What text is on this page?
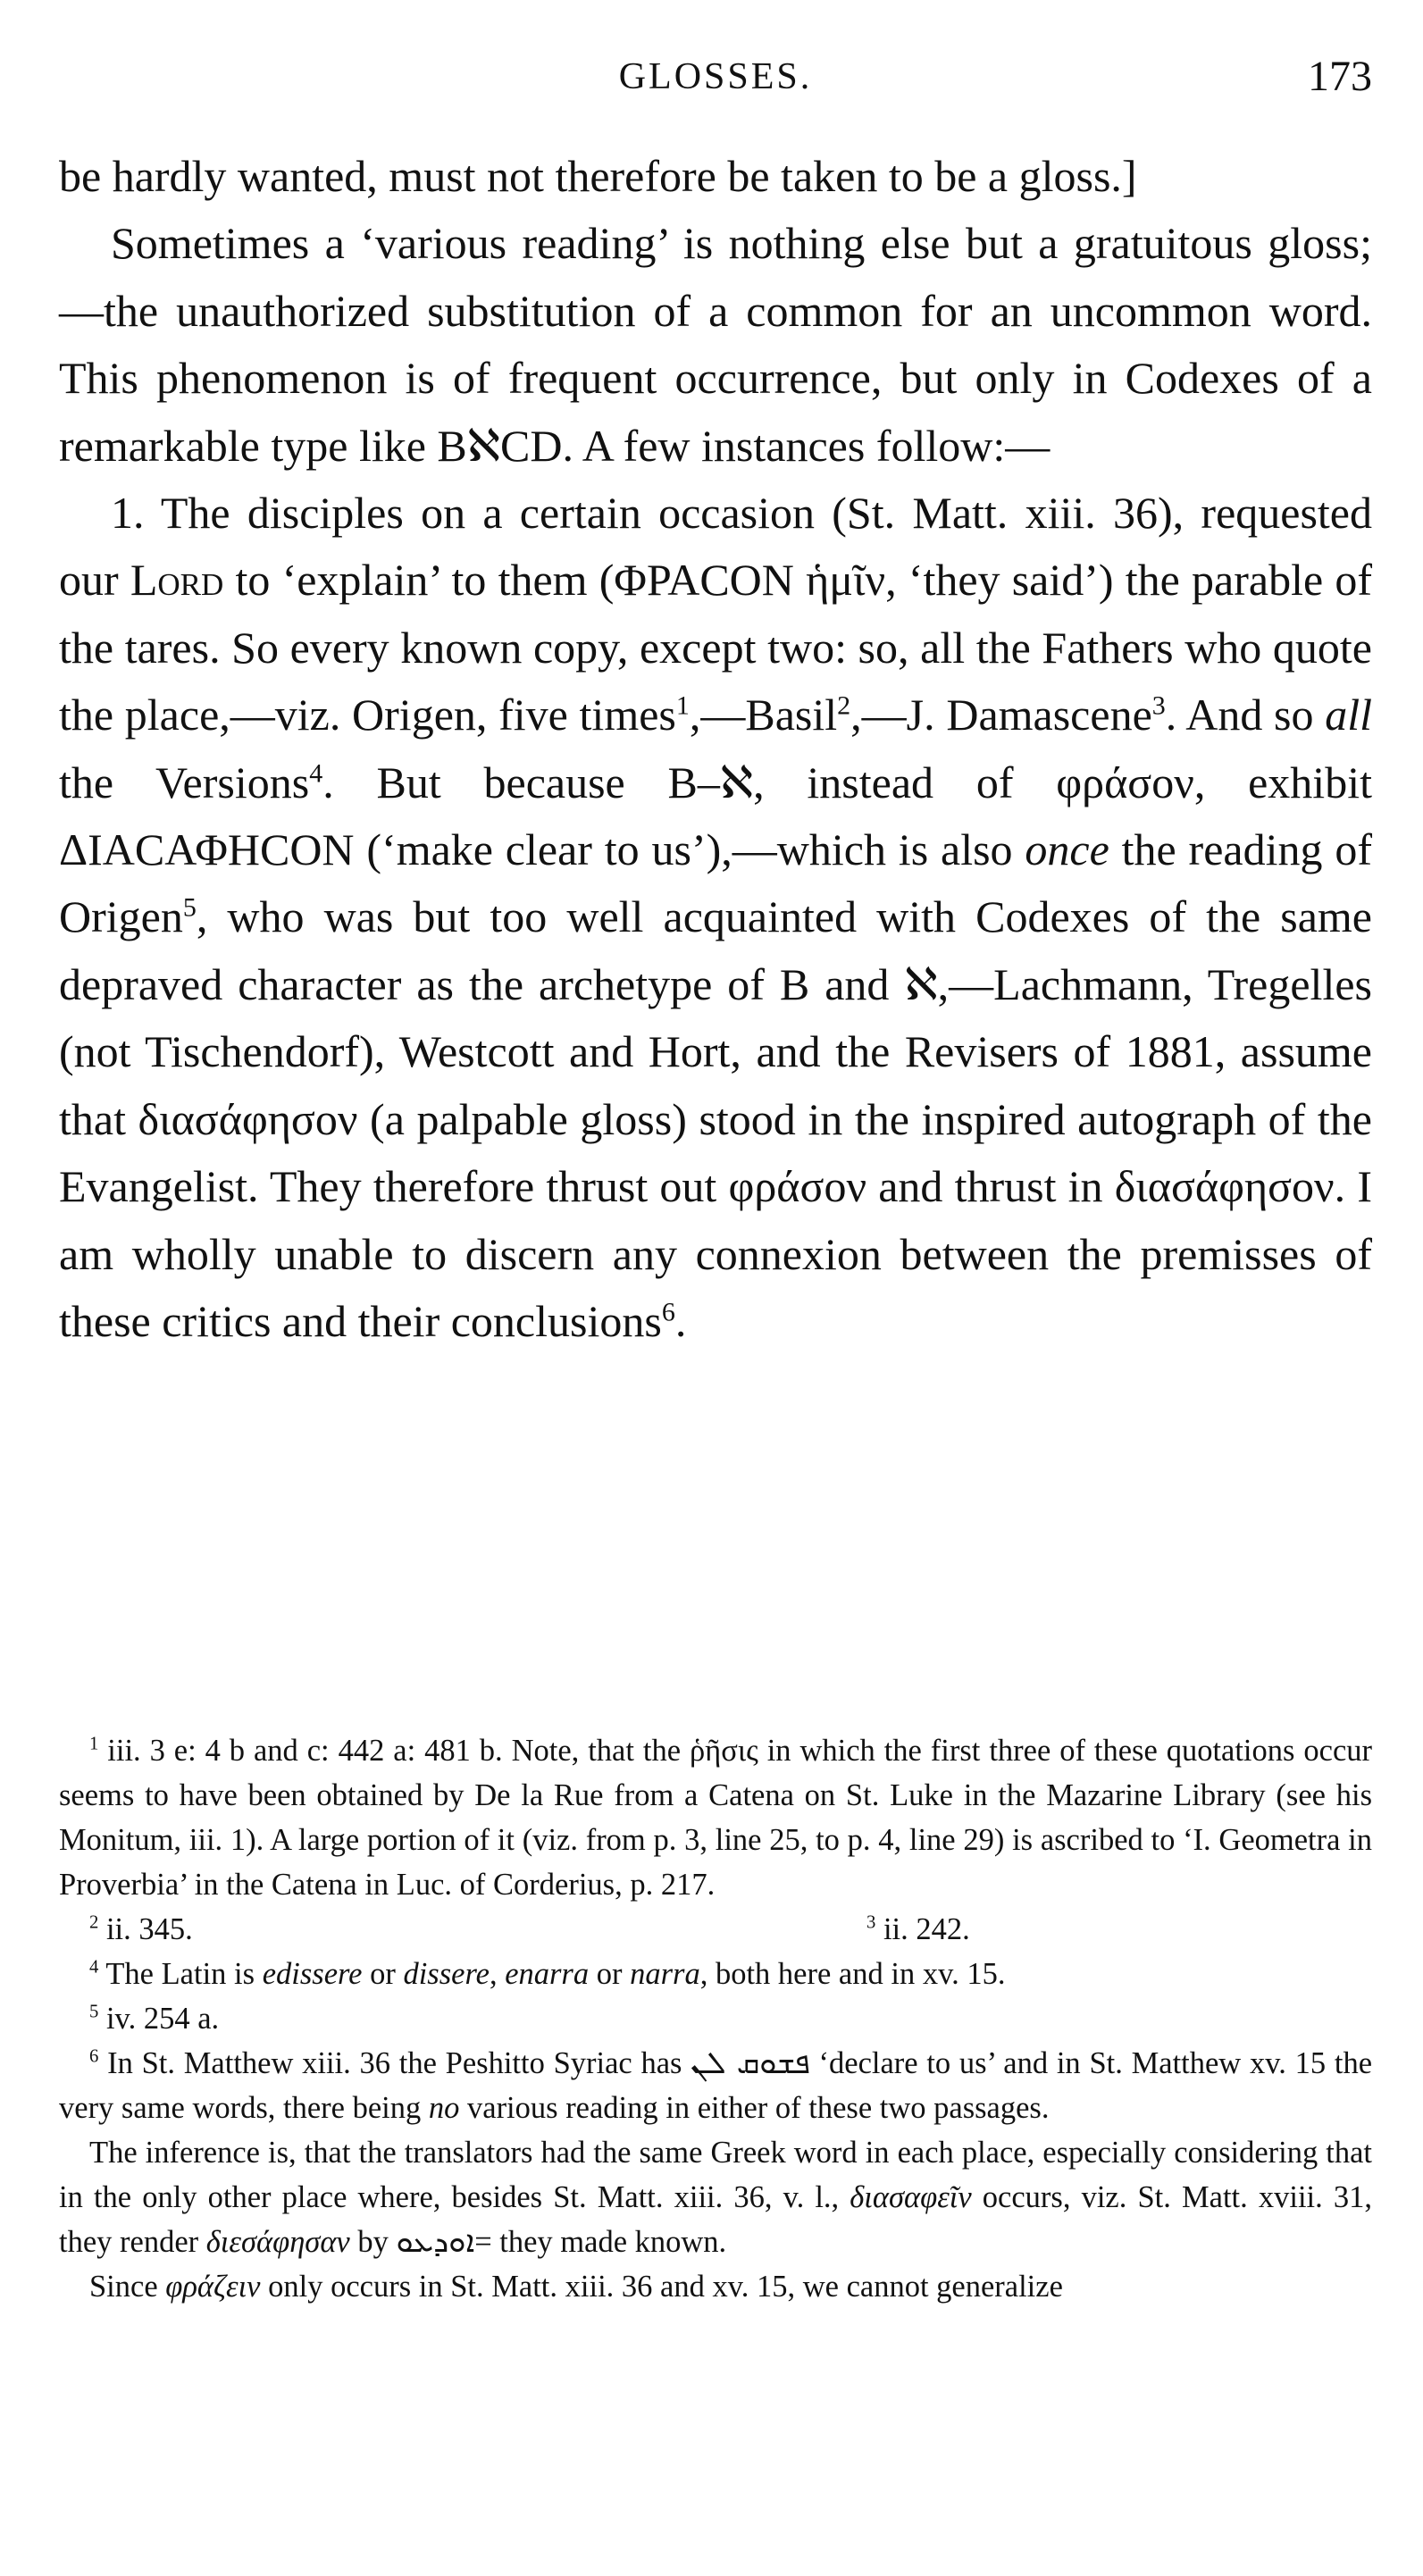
GLOSSES.	173

be hardly wanted, must not therefore be taken to be a gloss.]

Sometimes a ‘various reading’ is nothing else but a gratuitous gloss;—the unauthorized substitution of a common for an uncommon word. This phenomenon is of frequent occurrence, but only in Codexes of a remarkable type like BℵCD. A few instances follow:—

1. The disciples on a certain occasion (St. Matt. xiii. 36), requested our Lord to ‘explain’ to them (ΦΡΑCΟΝ ἡμῖν, ‘they said’) the parable of the tares. So every known copy, except two: so, all the Fathers who quote the place,—viz. Origen, five times$^1$,—Basil$^2$,—J. Damascene$^3$. And so all the Versions$^4$. But because B–ℵ, instead of φράσον, exhibit ΔΙΑCΑΦΗCΟΝ (‘make clear to us’),—which is also once the reading of Origen$^5$, who was but too well acquainted with Codexes of the same depraved character as the archetype of B and ℵ,—Lachmann, Tregelles (not Tischendorf), Westcott and Hort, and the Revisers of 1881, assume that διασάφησον (a palpable gloss) stood in the inspired autograph of the Evangelist. They therefore thrust out φράσον and thrust in διασάφησον. I am wholly unable to discern any connexion between the premisses of these critics and their conclusions$^6$.

$^1$ iii. 3 e: 4 b and c: 442 a: 481 b. Note, that the ῥῆσις in which the first three of these quotations occur seems to have been obtained by De la Rue from a Catena on St. Luke in the Mazarine Library (see his Monitum, iii. 1). A large portion of it (viz. from p. 3, line 25, to p. 4, line 29) is ascribed to ‘I. Geometra in Proverbia’ in the Catena in Luc. of Corderius, p. 217.

$^2$ ii. 345.	$^3$ ii. 242.

$^4$ The Latin is edissere or dissere, enarra or narra, both here and in xv. 15.

$^5$ iv. 254 a.

$^6$ In St. Matthew xiii. 36 the Peshitto Syriac has ܦܫܘܩ ܠܢ ‘declare to us’ and in St. Matthew xv. 15 the very same words, there being no various reading in either of these two passages.

The inference is, that the translators had the same Greek word in each place, especially considering that in the only other place where, besides St. Matt. xiii. 36, v. l., διασαφεῖν occurs, viz. St. Matt. xviii. 31, they render διεσάφησαν by ܐܘܕܥܘ= they made known.

Since φράζειν only occurs in St. Matt. xiii. 36 and xv. 15, we cannot generalize
